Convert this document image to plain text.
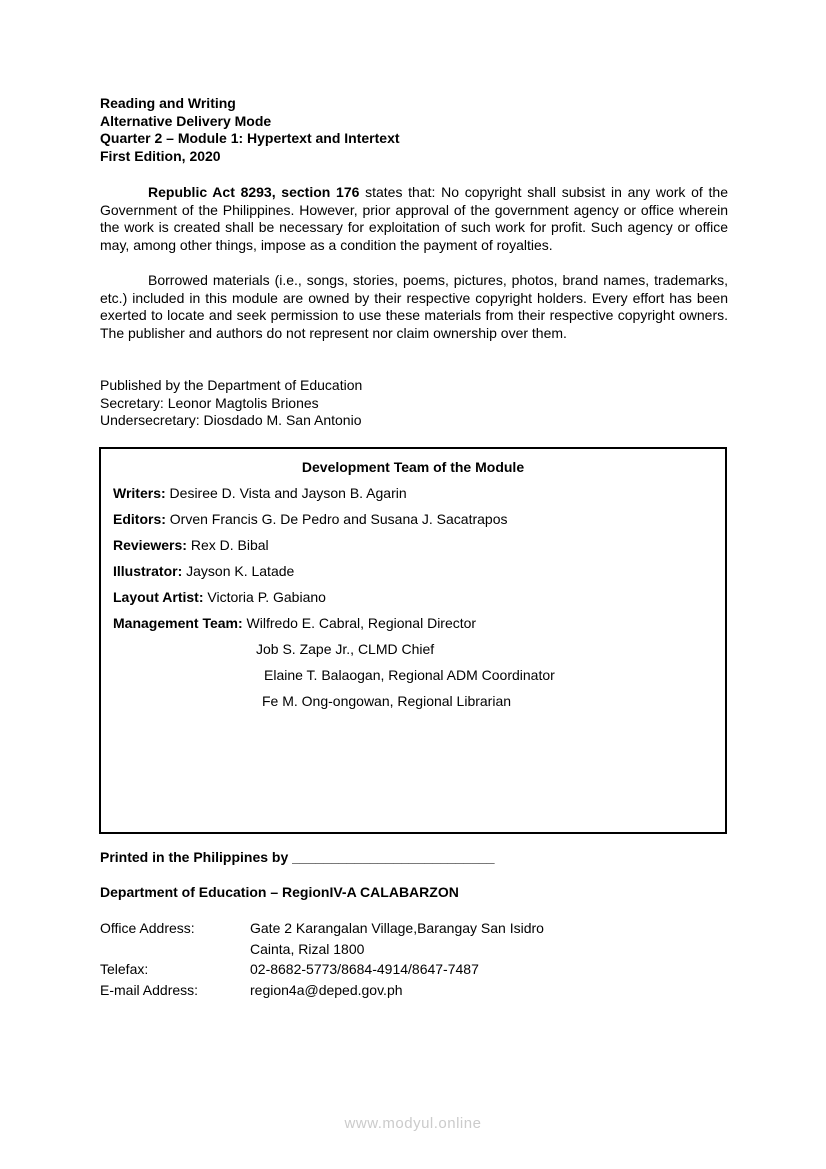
Reading and Writing
Alternative Delivery Mode
Quarter 2 – Module 1: Hypertext and Intertext
First Edition, 2020

Republic Act 8293, section 176 states that: No copyright shall subsist in any work of the Government of the Philippines. However, prior approval of the government agency or office wherein the work is created shall be necessary for exploitation of such work for profit. Such agency or office may, among other things, impose as a condition the payment of royalties.

Borrowed materials (i.e., songs, stories, poems, pictures, photos, brand names, trademarks, etc.) included in this module are owned by their respective copyright holders. Every effort has been exerted to locate and seek permission to use these materials from their respective copyright owners. The publisher and authors do not represent nor claim ownership over them.

Published by the Department of Education
Secretary: Leonor Magtolis Briones
Undersecretary: Diosdado M. San Antonio
Development Team of the Module

Writers: Desiree D. Vista and Jayson B. Agarin

Editors: Orven Francis G. De Pedro and Susana J. Sacatrapos

Reviewers: Rex D. Bibal

Illustrator: Jayson K. Latade

Layout Artist: Victoria P. Gabiano

Management Team: Wilfredo E. Cabral, Regional Director

Job S. Zape Jr., CLMD Chief

Elaine T. Balaogan, Regional ADM Coordinator

Fe M. Ong-ongowan, Regional Librarian

Printed in the Philippines by __________________________

Department of Education – RegionIV-A CALABARZON

Office Address:	Gate 2 Karangalan Village,Barangay San Isidro
Cainta, Rizal 1800
Telefax:	02-8682-5773/8684-4914/8647-7487
E-mail Address:	region4a@deped.gov.ph
www.modyul.online
